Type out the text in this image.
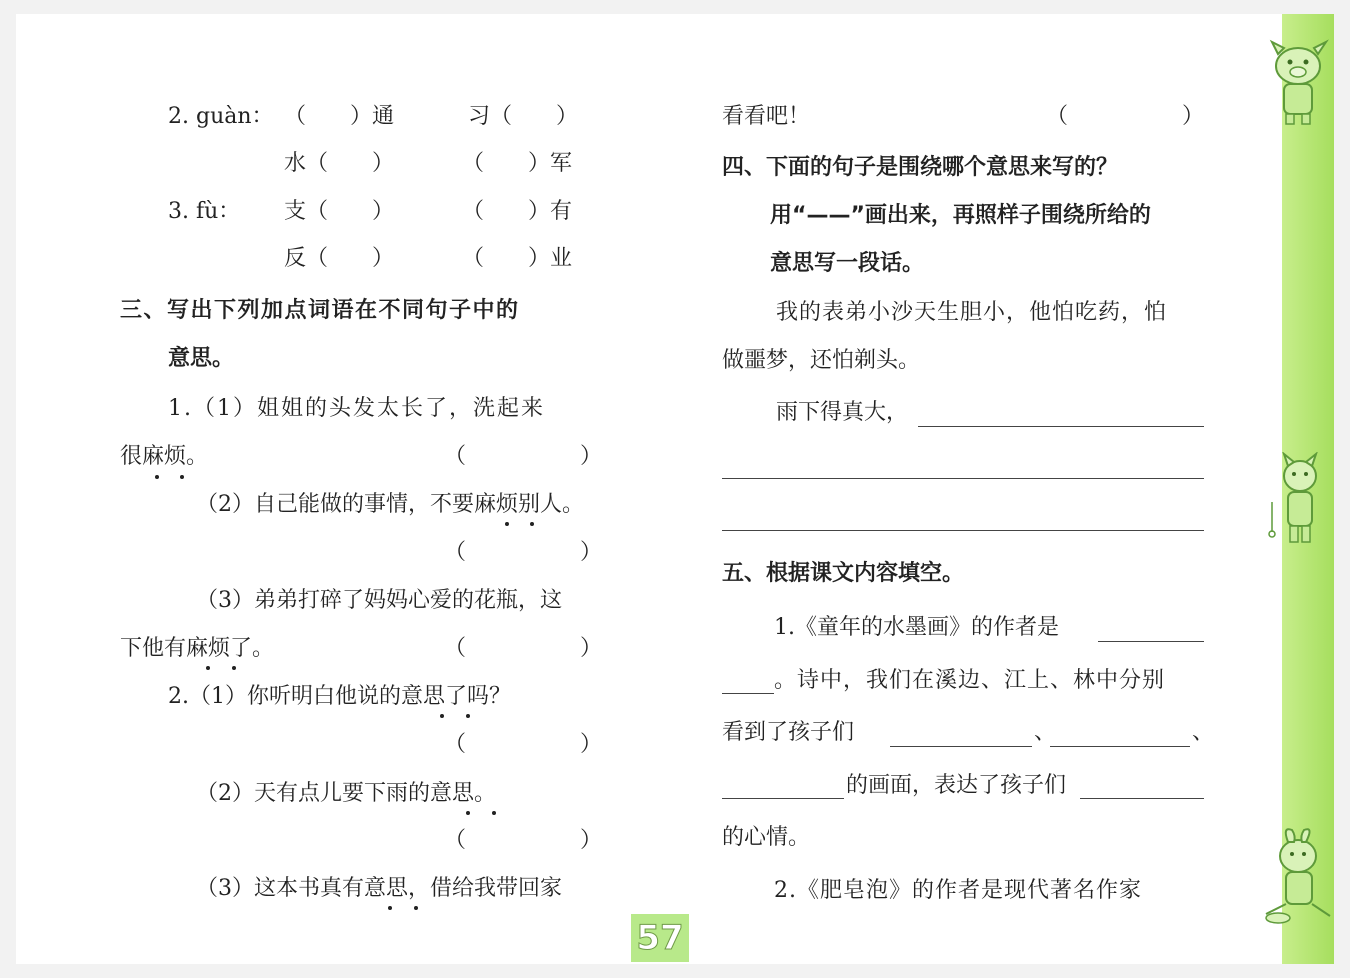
2. guàn： （　　）通	习（　　）
水（　　）	（　　）军
3. fù： 支（　　）	（　　）有
反（　　）	（　　）业
三、写出下列加点词语在不同句子中的
意思。
1.（1）姐姐的头发太长了，洗起来
很麻烦。	（	）
（2）自己能做的事情，不要麻烦别人。
（	）
（3）弟弟打碎了妈妈心爱的花瓶，这
下他有麻烦了。	（	）
2.（1）你听明白他说的意思了吗？
（	）
（2）天有点儿要下雨的意思。
（	）
（3）这本书真有意思，借给我带回家
看看吧！	（	）
四、下面的句子是围绕哪个意思来写的？
用“——”画出来，再照样子围绕所给的
意思写一段话。
我的表弟小沙天生胆小，他怕吃药，怕
做噩梦，还怕剃头。
雨下得真大，
五、根据课文内容填空。
1.《童年的水墨画》的作者是
。诗中，我们在溪边、江上、林中分别
看到了孩子们	、	、
的画面，表达了孩子们
的心情。
2.《肥皂泡》的作者是现代著名作家
57
